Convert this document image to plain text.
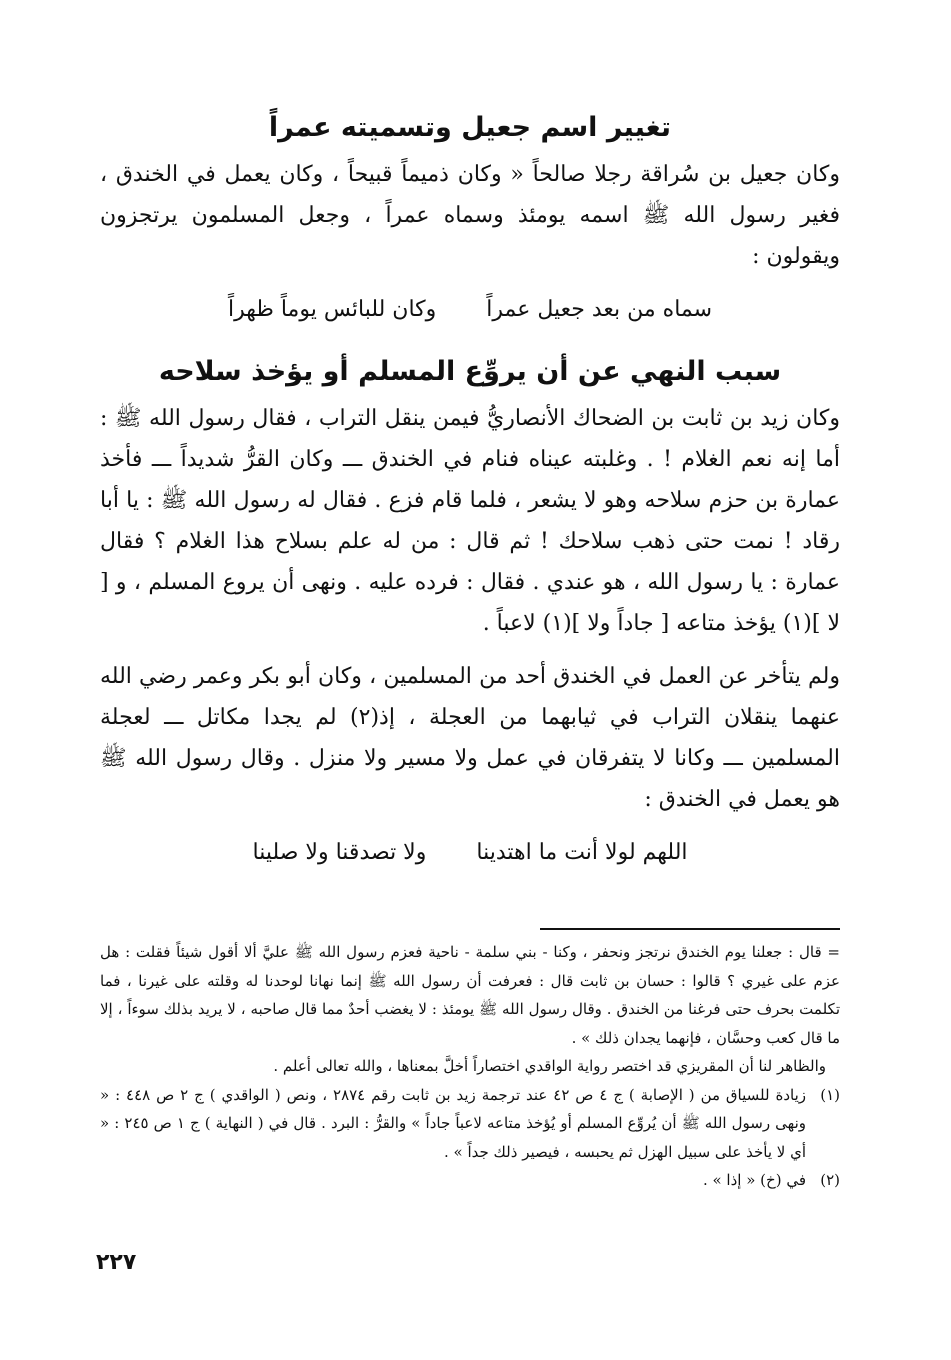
تغيير اسم جعيل وتسميته عمراً

وكان جعيل بن سُراقة رجلا صالحاً « وكان ذميماً قبيحاً ، وكان يعمل في الخندق ، فغير رسول الله ﷺ اسمه يومئذ وسماه عمراً ، وجعل المسلمون يرتجزون ويقولون :

سماه من بعد جعيل عمراً
وكان للبائس يوماً ظهراً
سبب النهي عن أن يروِّع المسلم أو يؤخذ سلاحه

وكان زيد بن ثابت بن الضحاك الأنصاريُّ فيمن ينقل التراب ، فقال رسول الله ﷺ : أما إنه نعم الغلام ! . وغلبته عيناه فنام في الخندق ـــ وكان القرُّ شديداً ـــ فأخذ عمارة بن حزم سلاحه وهو لا يشعر ، فلما قام فزع . فقال له رسول الله ﷺ : يا أبا رقاد ! نمت حتى ذهب سلاحك ! ثم قال : من له علم بسلاح هذا الغلام ؟ فقال عمارة : يا رسول الله ، هو عندي . فقال : فرده عليه . ونهى أن يروع المسلم ، و [ لا ](١) يؤخذ متاعه [ جاداً ولا ](١) لاعباً .

ولم يتأخر عن العمل في الخندق أحد من المسلمين ، وكان أبو بكر وعمر رضي الله عنهما ينقلان التراب في ثيابهما من العجلة ، إذ(٢) لم يجدا مكاتل ـــ لعجلة المسلمين ـــ وكانا لا يتفرقان في عمل ولا مسير ولا منزل . وقال رسول الله ﷺ هو يعمل في الخندق :

اللهم لولا أنت ما اهتدينا
ولا تصدقنا ولا صلينا

= قال : جعلنا يوم الخندق نرتجز ونحفر ، وكنا - بني سلمة - ناحية فعزم رسول الله ﷺ عليَّ ألا أقول شيئاً فقلت : هل عزم على غيري ؟ قالوا : حسان بن ثابت قال : فعرفت أن رسول الله ﷺ إنما نهانا لوحدنا له وقلته على غيرنا ، فما تكلمت بحرف حتى فرغنا من الخندق . وقال رسول الله ﷺ يومئذ : لا يغضب أحدٌ مما قال صاحبه ، لا يريد بذلك سوءاً ، إلا ما قال كعب وحسَّان ، فإنهما يجدان ذلك » .

والظاهر لنا أن المقريزي قد اختصر رواية الواقدي اختصاراً أخلَّ بمعناها ، والله تعالى أعلم .

(١)
زيادة للسياق من ( الإصابة ) ج ٤ ص ٤٢ عند ترجمة زيد بن ثابت رقم ٢٨٧٤ ، ونص ( الواقدي ) ج ٢ ص ٤٤٨ : « ونهى رسول الله ﷺ أن يُروِّع المسلم أو يُؤخذ متاعه لاعباً جاداً » والقرُّ : البرد . قال في ( النهاية ) ج ١ ص ٢٤٥ : « أي لا يأخذ على سبيل الهزل ثم يحبسه ، فيصير ذلك جداً » .

(٢)
في (خ) « إذا » .

٢٢٧
